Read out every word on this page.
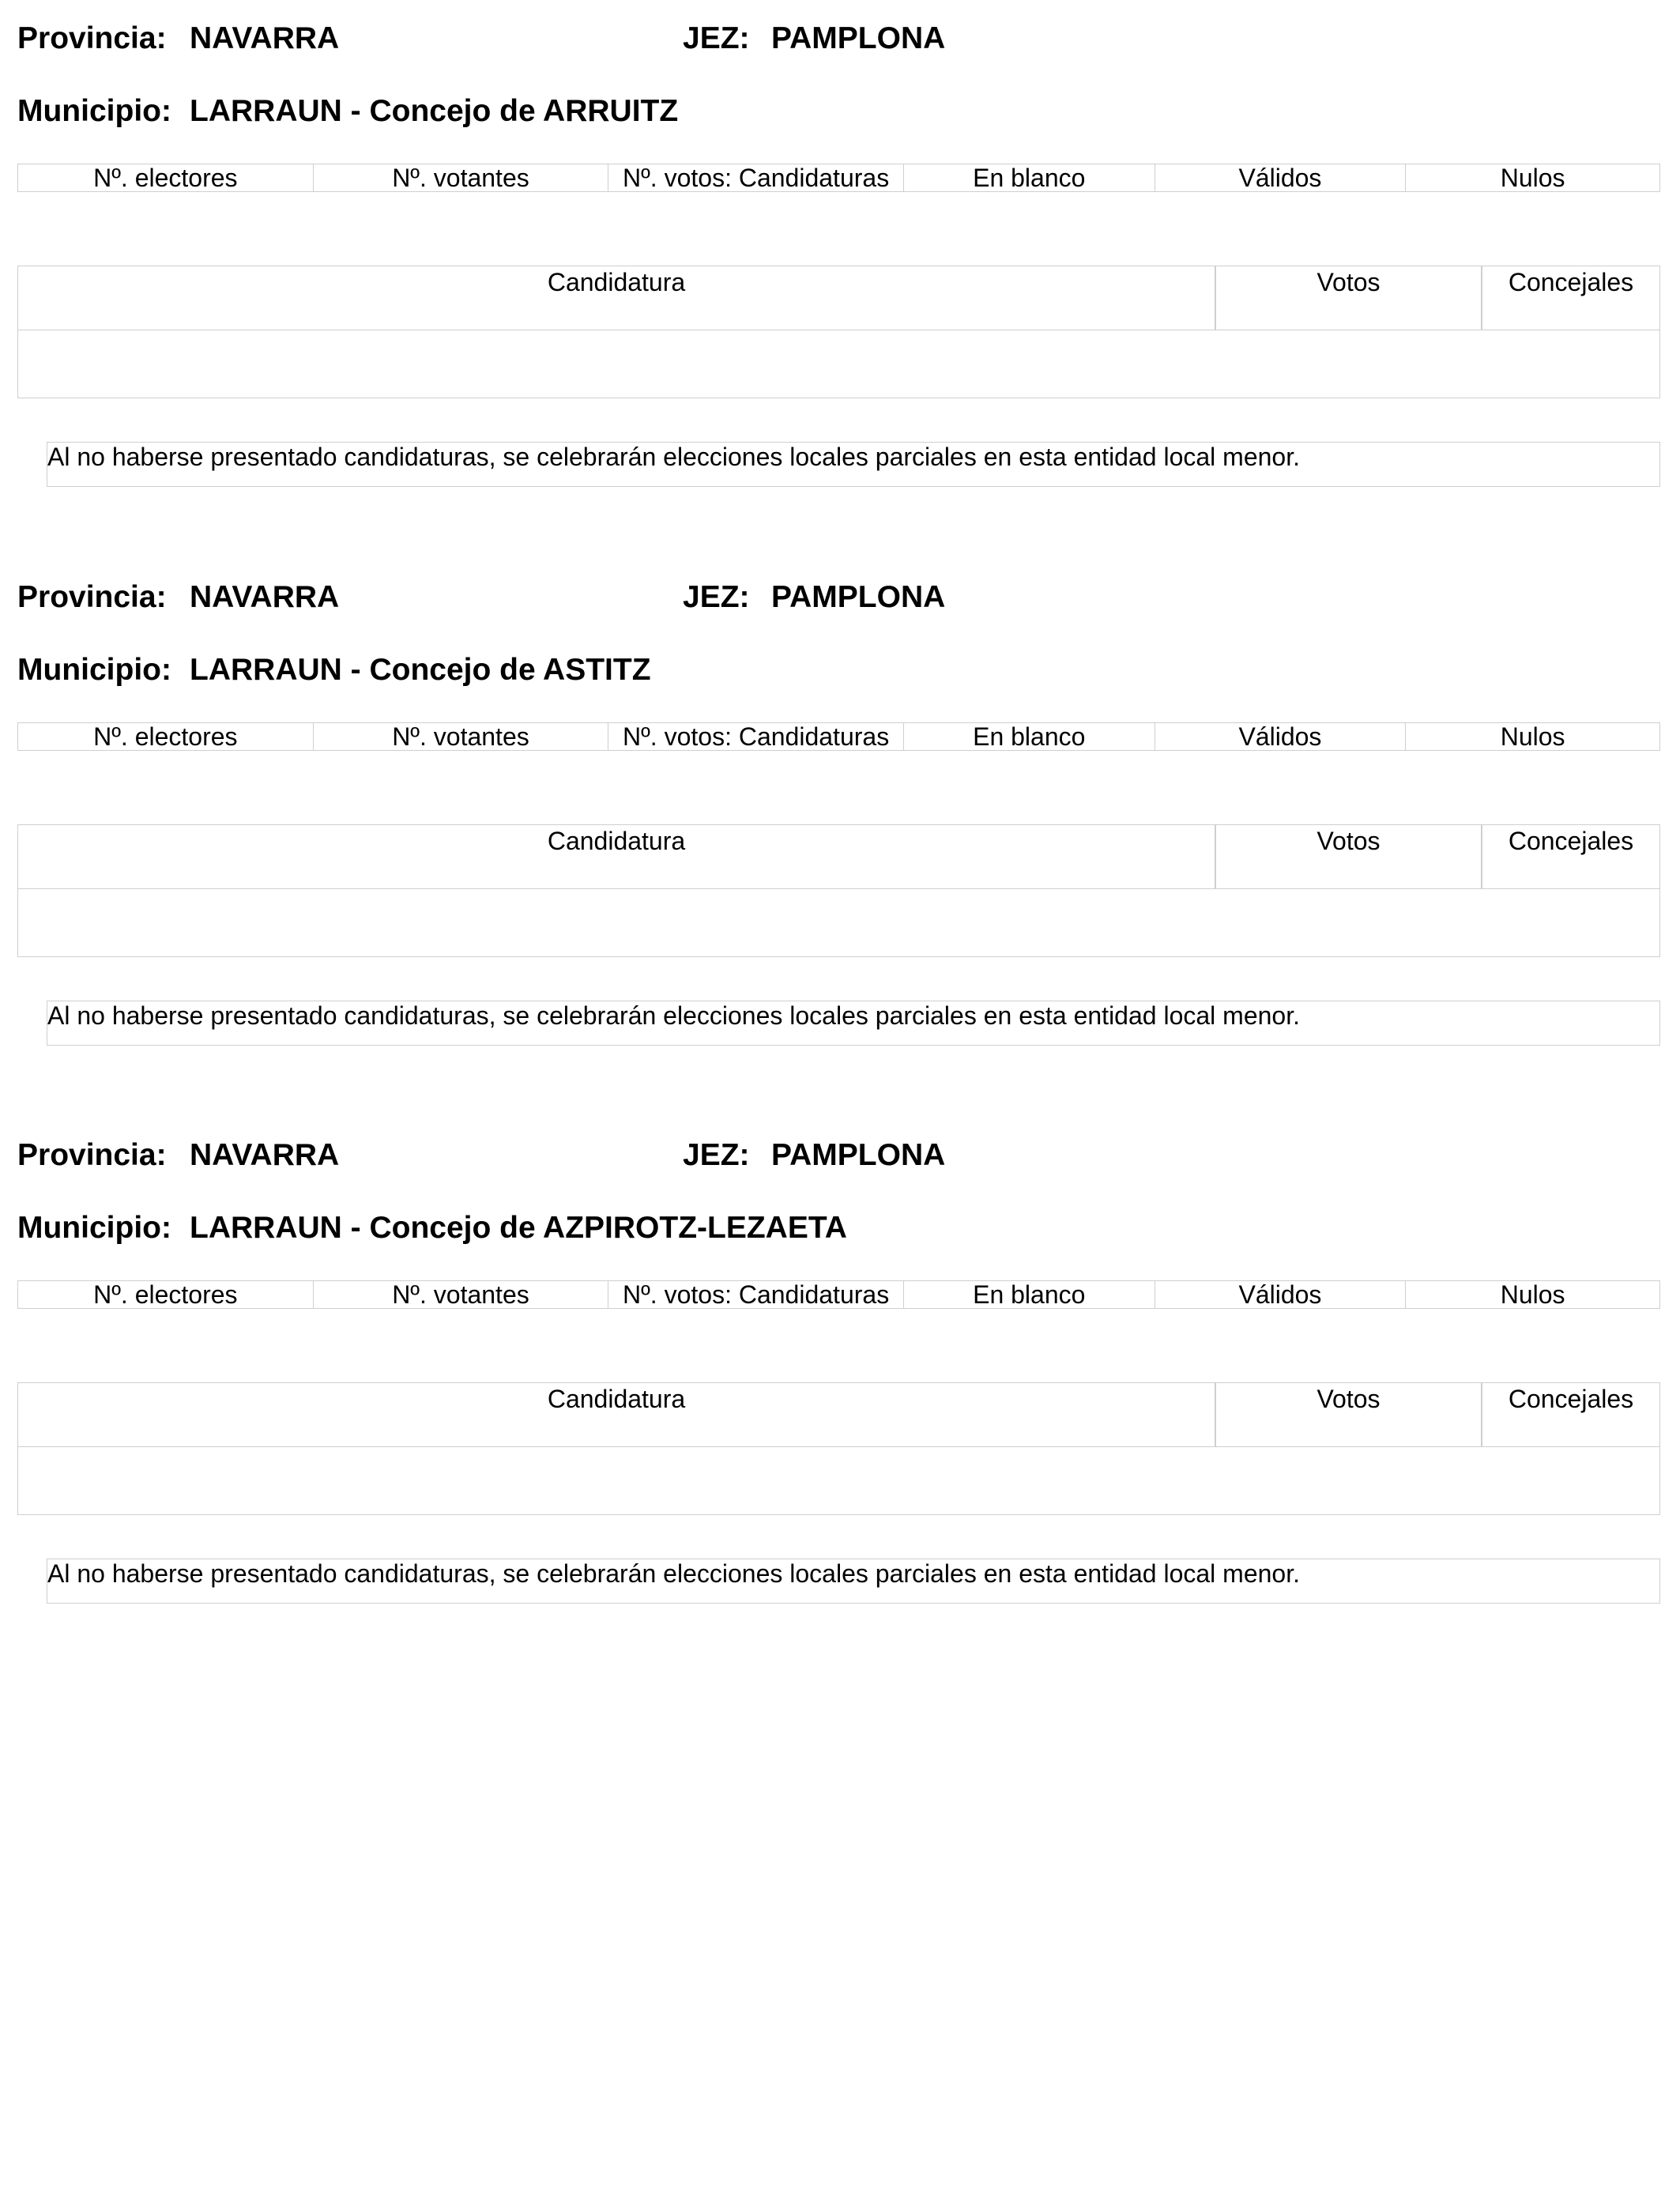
Provincia: NAVARRA	JEZ: PAMPLONA
Municipio: LARRAUN - Concejo de ARRUITZ
Nº. electores	Nº. votantes	Nº. votos: Candidaturas	En blanco	Válidos	Nulos
Candidatura	Votos	Concejales
Al no haberse presentado candidaturas, se celebrarán elecciones locales parciales en esta entidad local menor.
Provincia: NAVARRA	JEZ: PAMPLONA
Municipio: LARRAUN - Concejo de ASTITZ
Nº. electores	Nº. votantes	Nº. votos: Candidaturas	En blanco	Válidos	Nulos
Candidatura	Votos	Concejales
Al no haberse presentado candidaturas, se celebrarán elecciones locales parciales en esta entidad local menor.
Provincia: NAVARRA	JEZ: PAMPLONA
Municipio: LARRAUN - Concejo de AZPIROTZ-LEZAETA
Nº. electores	Nº. votantes	Nº. votos: Candidaturas	En blanco	Válidos	Nulos
Candidatura	Votos	Concejales
Al no haberse presentado candidaturas, se celebrarán elecciones locales parciales en esta entidad local menor.
